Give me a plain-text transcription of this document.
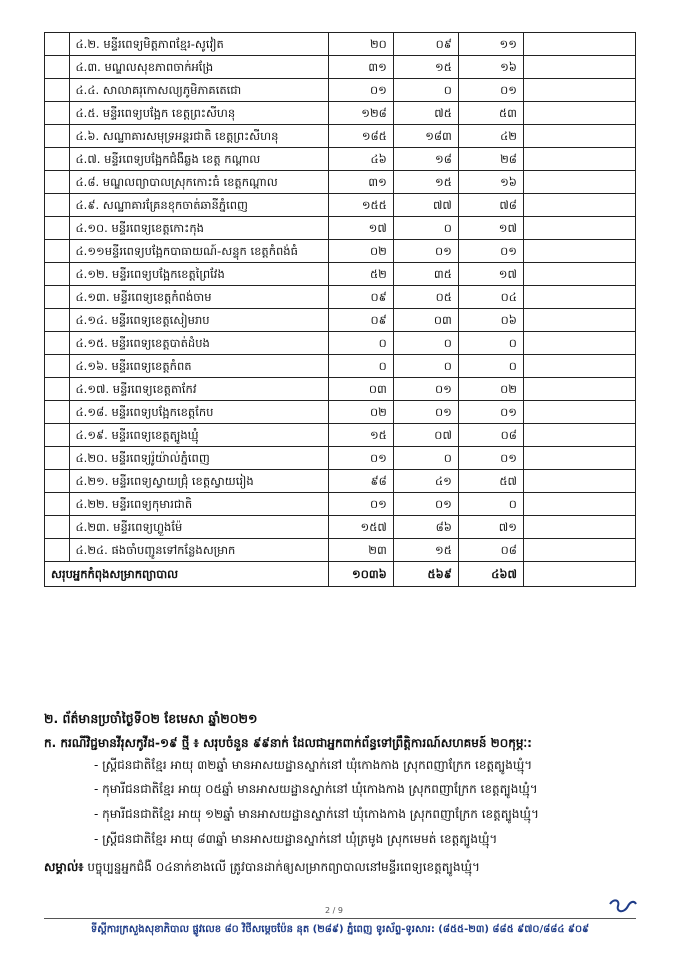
	៤.២. មន្ទីរពេទ្យមិត្តភាពខ្មែរ-សូវៀត	២០	០៩	១១	
	៤.៣. មណ្ឌលសុខភាពចាក់អង្រែ	៣១	១៥	១៦	
	៤.៤. សាលាគរុកោសល្យភូមិភាគតេជោ	០១	០	០១	
	៤.៥. មន្ទីរពេទ្យបង្អែក ខេត្តព្រះសីហនុ	១២៨	៧៥	៥៣	
	៤.៦. សណ្ឋាគារសមុទ្រអន្តរជាតិ ខេត្តព្រះសីហនុ	១៨៥	១៨៣	៤២	
	៤.៧. មន្ទីរពេទ្យបង្អែកជំងឺឆ្លង ខេត្ត កណ្ដាល	៤៦	១៨	២៨	
	៤.៨. មណ្ឌលព្យាបាលស្រុកកោះធំ ខេត្តកណ្ដាល	៣១	១៥	១៦	
	៤.៩. សណ្ឋាគារគ្រែនខុកចាត់ឆានីភ្នំពេញ	១៥៥	៧៧	៧៨	
	៤.១០. មន្ទីរពេទ្យខេត្តកោះកុង	១៧	០	១៧	
	៤.១១មន្ទីរពេទ្យបង្អែកបាធាយណ៍-សន្ទុក ខេត្តកំពង់ធំ	០២	០១	០១	
	៤.១២. មន្ទីរពេទ្យបង្អែកខេត្តព្រៃវែង	៥២	៣៥	១៧	
	៤.១៣. មន្ទីរពេទ្យខេត្តកំពង់ចាម	០៩	០៥	០៤	
	៤.១៤. មន្ទីរពេទ្យខេត្តសៀមរាប	០៩	០៣	០៦	
	៤.១៥. មន្ទីរពេទ្យខេត្តបាត់ដំបង	០	០	០	
	៤.១៦. មន្ទីរពេទ្យខេត្តកំពត	០	០	០	
	៤.១៧. មន្ទីរពេទ្យខេត្តតាកែវ	០៣	០១	០២	
	៤.១៨. មន្ទីរពេទ្យបង្អែកខេត្តកែប	០២	០១	០១	
	៤.១៩. មន្ទីរពេទ្យខេត្តត្បូងឃ្មុំ	១៥	០៧	០៨	
	៤.២០. មន្ទីរពេទ្យរ៉ូយ៉ាល់ភ្នំពេញ	០១	០	០១	
	៤.២១. មន្ទីរពេទ្យស្វាយជ្រុំ ខេត្តស្វាយរៀង	៩៨	៤១	៥៧	
	៤.២២. មន្ទីរពេទ្យកុមារជាតិ	០១	០១	០	
	៤.២៣. មន្ទីរពេទ្យហ្លួងម៉ែ	១៥៧	៨៦	៧១	
	៤.២៤. ផងចាំបញ្ជូនទៅកន្លែងសម្រាក	២៣	១៥	០៨	
សរុបអ្នកកំពុងសម្រាកព្យាបាល		១០៣៦	៥៦៩	៤៦៧	
២. ព័ត៌មានប្រចាំថ្ងៃទី០២ ខែមេសា ឆ្នាំ២០២១
ក. ករណីវិជ្ជមានវីរុសកូវីដ-១៩ ថ្មី ៖ សរុបចំនួន ៩៩នាក់ ដែលជាអ្នកពាក់ព័ន្ធទៅព្រឹត្តិការណ៍សហគមន៍ ២០កុម្ភៈ:
- ស្ត្រីជនជាតិខ្មែរ អាយុ ៣២ឆ្នាំ មានអាសយដ្ឋានស្នាក់នៅ ឃុំកោងកាង ស្រុកពញាក្រែក ខេត្តត្បូងឃ្មុំ។
- កុមារីជនជាតិខ្មែរ អាយុ ០៥ឆ្នាំ មានអាសយដ្ឋានស្នាក់នៅ ឃុំកោងកាង ស្រុកពញាក្រែក ខេត្តត្បូងឃ្មុំ។
- កុមារីជនជាតិខ្មែរ អាយុ ១២ឆ្នាំ មានអាសយដ្ឋានស្នាក់នៅ ឃុំកោងកាង ស្រុកពញាក្រែក ខេត្តត្បូងឃ្មុំ។
- ស្ត្រីជនជាតិខ្មែរ អាយុ ៨៣ឆ្នាំ មានអាសយដ្ឋានស្នាក់នៅ ឃុំត្រមូង ស្រុកមេមត់ ខេត្តត្បូងឃ្មុំ។
សម្គាល់៖ បច្ចុប្បន្នអ្នកជំងឺ ០៤នាក់ខាងលើ ត្រូវបានដាក់ឲ្យសម្រាកព្យាបាលនៅមន្ទីរពេទ្យខេត្តត្បូងឃ្មុំ។
2 / 9
ទីស្តីការក្រសួងសុខាភិបាល ផ្លូវលេខ ៨០ វិថីសម្តេចប៉ែន នុត (២៨៩) ភ្នំពេញ ទូរស័ព្ទ-ទូរសារ: (៨៥៥-២៣) ៨៨៥ ៩៧០/៨៨៤ ៩០៩
